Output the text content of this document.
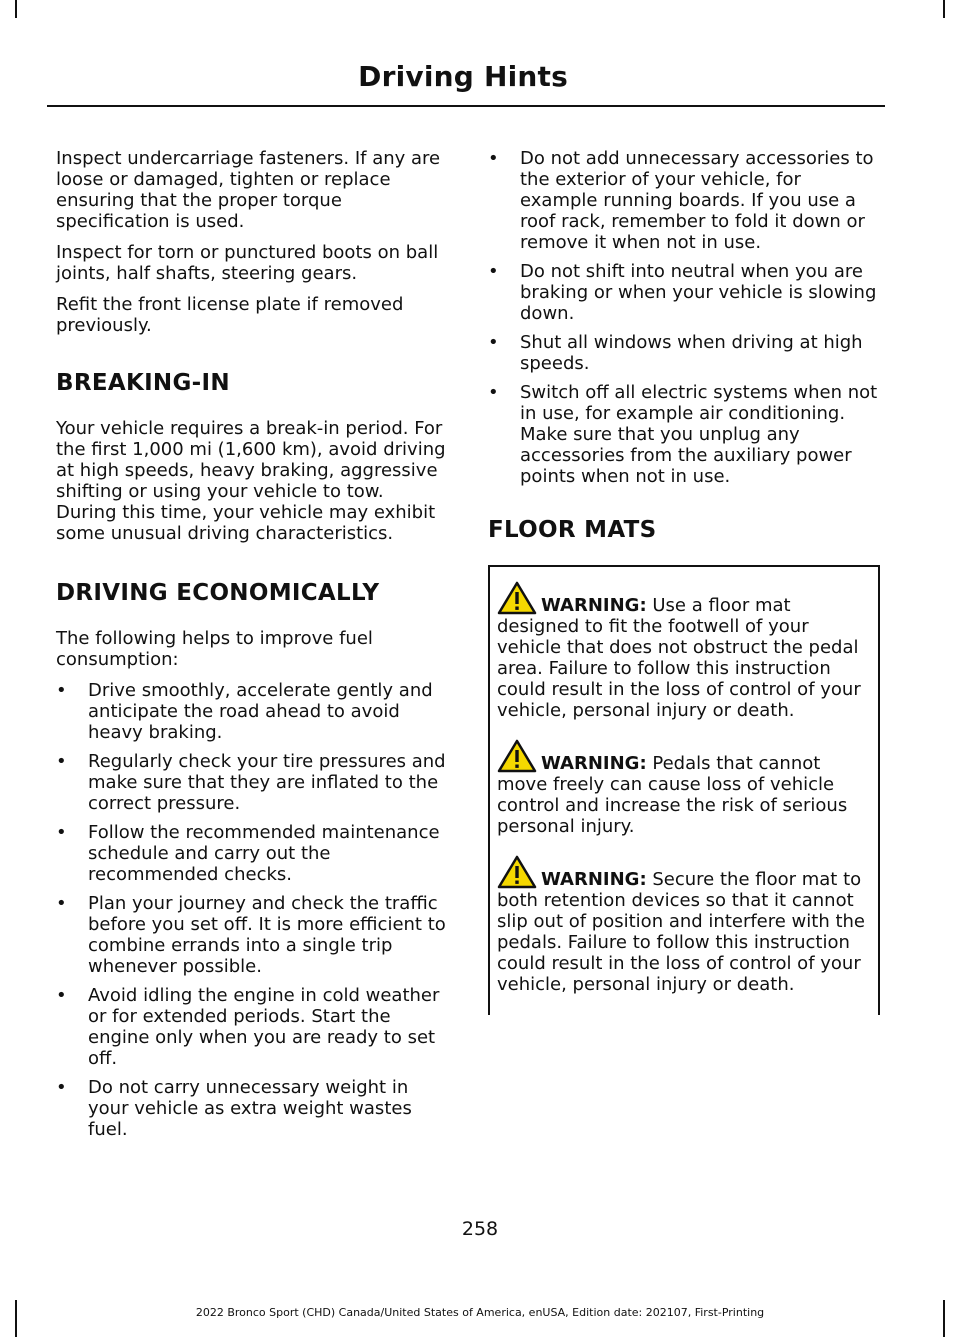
Driving Hints

Inspect undercarriage fasteners. If any are loose or damaged, tighten or replace ensuring that the proper torque specification is used.

Inspect for torn or punctured boots on ball joints, half shafts, steering gears.

Refit the front license plate if removed previously.

BREAKING-IN

Your vehicle requires a break-in period. For the first 1,000 mi (1,600 km), avoid driving at high speeds, heavy braking, aggressive shifting or using your vehicle to tow. During this time, your vehicle may exhibit some unusual driving characteristics.

DRIVING ECONOMICALLY

The following helps to improve fuel consumption:

• Drive smoothly, accelerate gently and anticipate the road ahead to avoid heavy braking.
• Regularly check your tire pressures and make sure that they are inflated to the correct pressure.
• Follow the recommended maintenance schedule and carry out the recommended checks.
• Plan your journey and check the traffic before you set off. It is more efficient to combine errands into a single trip whenever possible.
• Avoid idling the engine in cold weather or for extended periods. Start the engine only when you are ready to set off.
• Do not carry unnecessary weight in your vehicle as extra weight wastes fuel.
• Do not add unnecessary accessories to the exterior of your vehicle, for example running boards. If you use a roof rack, remember to fold it down or remove it when not in use.
• Do not shift into neutral when you are braking or when your vehicle is slowing down.
• Shut all windows when driving at high speeds.
• Switch off all electric systems when not in use, for example air conditioning. Make sure that you unplug any accessories from the auxiliary power points when not in use.
FLOOR MATS
WARNING: Use a floor mat designed to fit the footwell of your vehicle that does not obstruct the pedal area. Failure to follow this instruction could result in the loss of control of your vehicle, personal injury or death.
WARNING: Pedals that cannot move freely can cause loss of vehicle control and increase the risk of serious personal injury.
WARNING: Secure the floor mat to both retention devices so that it cannot slip out of position and interfere with the pedals. Failure to follow this instruction could result in the loss of control of your vehicle, personal injury or death.

258

2022 Bronco Sport (CHD) Canada/United States of America, enUSA, Edition date: 202107, First-Printing
